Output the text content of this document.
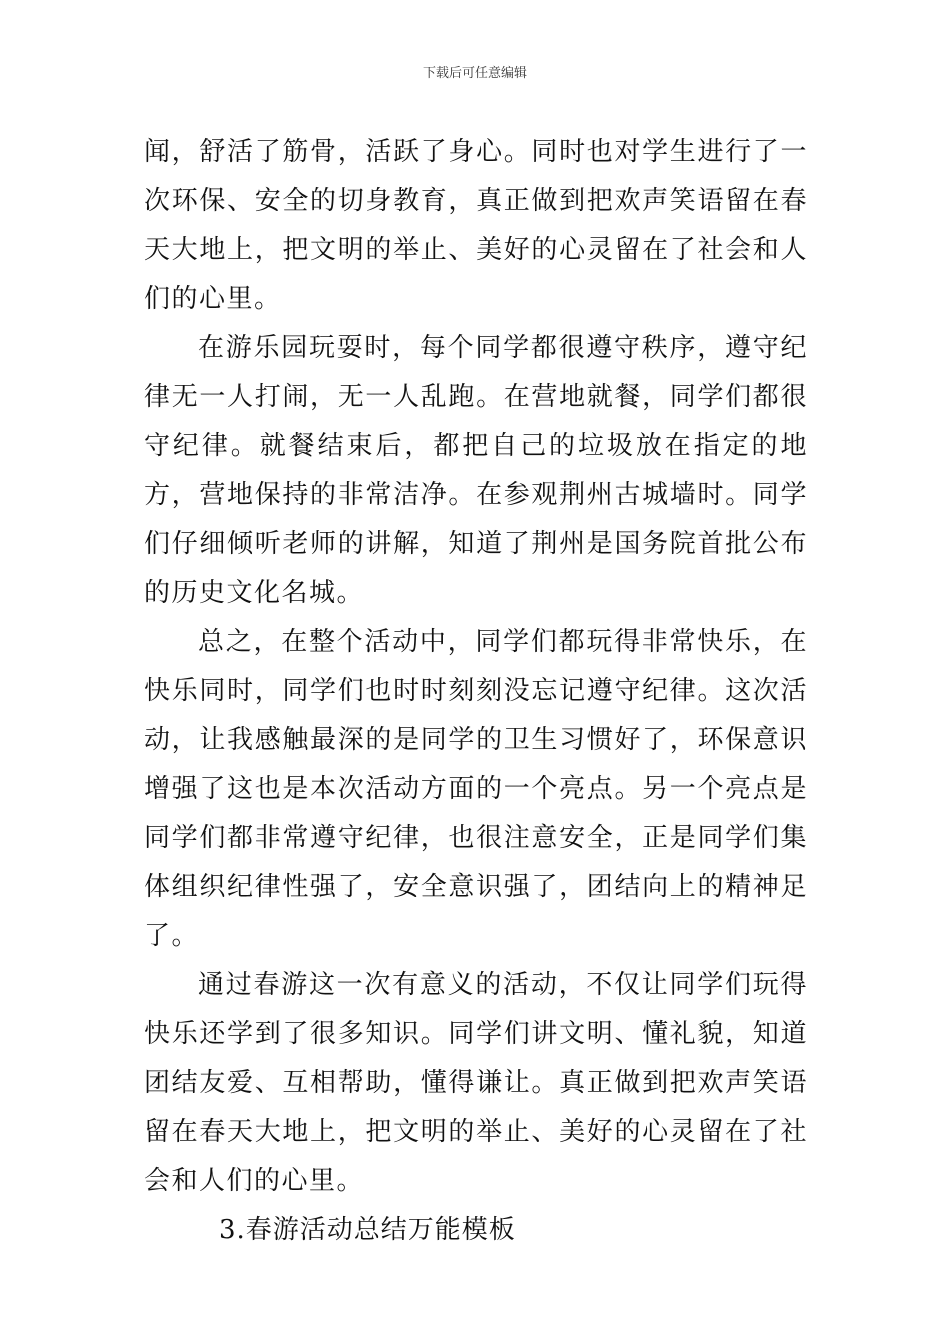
下载后可任意编辑

闻，舒活了筋骨，活跃了身心。同时也对学生进行了一次环保、安全的切身教育，真正做到把欢声笑语留在春天大地上，把文明的举止、美好的心灵留在了社会和人们的心里。

在游乐园玩耍时，每个同学都很遵守秩序，遵守纪律无一人打闹，无一人乱跑。在营地就餐，同学们都很守纪律。就餐结束后，都把自己的垃圾放在指定的地方，营地保持的非常洁净。在参观荆州古城墙时。同学们仔细倾听老师的讲解，知道了荆州是国务院首批公布的历史文化名城。

总之，在整个活动中，同学们都玩得非常快乐，在快乐同时，同学们也时时刻刻没忘记遵守纪律。这次活动，让我感触最深的是同学的卫生习惯好了，环保意识增强了这也是本次活动方面的一个亮点。另一个亮点是同学们都非常遵守纪律，也很注意安全，正是同学们集体组织纪律性强了，安全意识强了，团结向上的精神足了。

通过春游这一次有意义的活动，不仅让同学们玩得快乐还学到了很多知识。同学们讲文明、懂礼貌，知道团结友爱、互相帮助，懂得谦让。真正做到把欢声笑语留在春天大地上，把文明的举止、美好的心灵留在了社会和人们的心里。

3.春游活动总结万能模板
